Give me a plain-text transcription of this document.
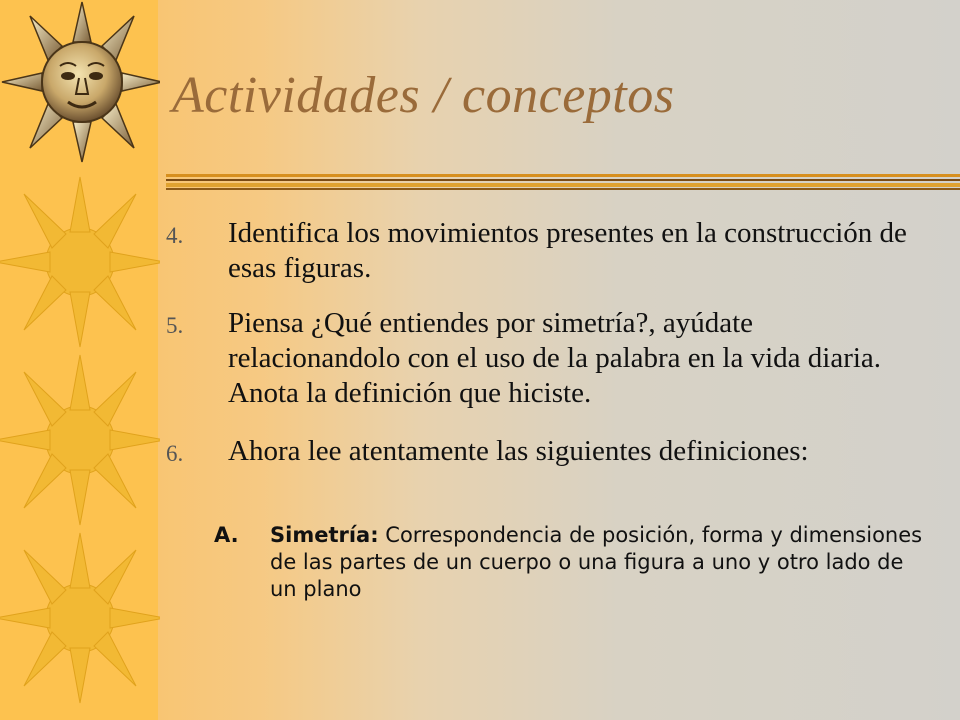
Actividades / conceptos
4.	Identifica los movimientos presentes en la construcción de esas figuras.
5.	Piensa ¿Qué entiendes por simetría?, ayúdate relacionandolo con el uso de la palabra en la vida diaria. Anota la definición que hiciste.
6.	Ahora lee atentamente las siguientes definiciones:
A. Simetría: Correspondencia de posición, forma y dimensiones de las partes de un cuerpo o una figura a uno y otro lado de un plano
